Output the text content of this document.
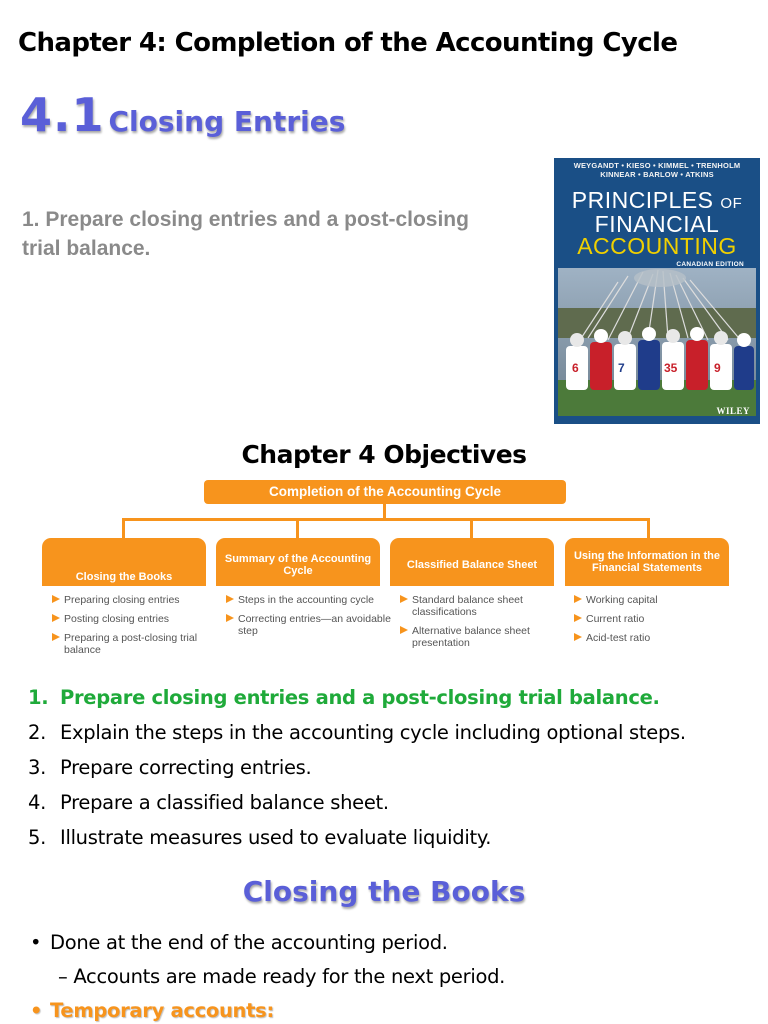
Chapter 4: Completion of the Accounting Cycle
4.1 Closing Entries
1. Prepare closing entries and a post-closing trial balance.
WEYGANDT • KIESO • KIMMEL • TRENHOLM
KINNEAR • BARLOW • ATKINS
PRINCIPLES OF
FINANCIAL
ACCOUNTING
CANADIAN EDITION
6	7	35	9
WILEY
Chapter 4 Objectives
Completion of the Accounting Cycle
Closing the Books
Summary of the Accounting Cycle
Classified Balance Sheet
Using the Information in the Financial Statements
Preparing closing entries
Posting closing entries
Preparing a post-closing trial balance
Steps in the accounting cycle
Correcting entries—an avoidable step
Standard balance sheet classifications
Alternative balance sheet presentation
Working capital
Current ratio
Acid-test ratio
1. Prepare closing entries and a post-closing trial balance.
2. Explain the steps in the accounting cycle including optional steps.
3. Prepare correcting entries.
4. Prepare a classified balance sheet.
5. Illustrate measures used to evaluate liquidity.
Closing the Books
• Done at the end of the accounting period.
– Accounts are made ready for the next period.
• Temporary accounts:
